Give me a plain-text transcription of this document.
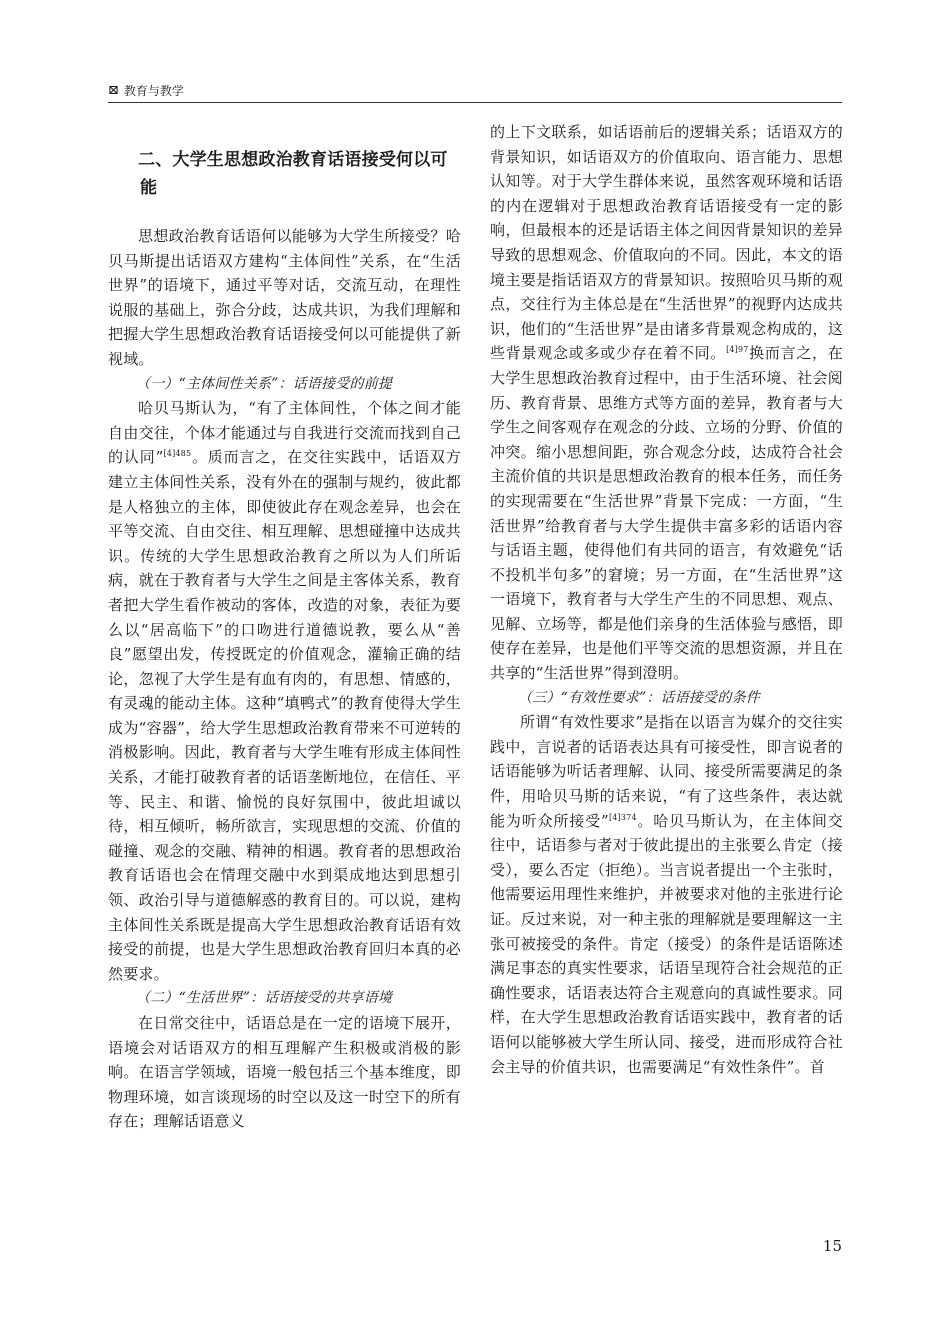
⊠ 教育与教学
二、大学生思想政治教育话语接受何以可能

思想政治教育话语何以能够为大学生所接受？哈贝马斯提出话语双方建构“主体间性”关系，在“生活世界”的语境下，通过平等对话，交流互动，在理性说服的基础上，弥合分歧，达成共识，为我们理解和把握大学生思想政治教育话语接受何以可能提供了新视域。

（一）“主体间性关系”：话语接受的前提

哈贝马斯认为，“有了主体间性，个体之间才能自由交往，个体才能通过与自我进行交流而找到自己的认同”$^{[4]485}$。质而言之，在交往实践中，话语双方建立主体间性关系，没有外在的强制与规约，彼此都是人格独立的主体，即使彼此存在观念差异，也会在平等交流、自由交往、相互理解、思想碰撞中达成共识。传统的大学生思想政治教育之所以为人们所诟病，就在于教育者与大学生之间是主客体关系，教育者把大学生看作被动的客体，改造的对象，表征为要么以“居高临下”的口吻进行道德说教，要么从“善良”愿望出发，传授既定的价值观念，灌输正确的结论，忽视了大学生是有血有肉的，有思想、情感的，有灵魂的能动主体。这种“填鸭式”的教育使得大学生成为“容器”，给大学生思想政治教育带来不可逆转的消极影响。因此，教育者与大学生唯有形成主体间性关系，才能打破教育者的话语垄断地位，在信任、平等、民主、和谐、愉悦的良好氛围中，彼此坦诚以待，相互倾听，畅所欲言，实现思想的交流、价值的碰撞、观念的交融、精神的相遇。教育者的思想政治教育话语也会在情理交融中水到渠成地达到思想引领、政治引导与道德解惑的教育目的。可以说，建构主体间性关系既是提高大学生思想政治教育话语有效接受的前提，也是大学生思想政治教育回归本真的必然要求。

（二）“生活世界”：话语接受的共享语境

在日常交往中，话语总是在一定的语境下展开，语境会对话语双方的相互理解产生积极或消极的影响。在语言学领域，语境一般包括三个基本维度，即物理环境，如言谈现场的时空以及这一时空下的所有存在；理解话语意义

的上下文联系，如话语前后的逻辑关系；话语双方的背景知识，如话语双方的价值取向、语言能力、思想认知等。对于大学生群体来说，虽然客观环境和话语的内在逻辑对于思想政治教育话语接受有一定的影响，但最根本的还是话语主体之间因背景知识的差异导致的思想观念、价值取向的不同。因此，本文的语境主要是指话语双方的背景知识。按照哈贝马斯的观点，交往行为主体总是在“生活世界”的视野内达成共识，他们的“生活世界”是由诸多背景观念构成的，这些背景观念或多或少存在着不同。$^{[4]97}$换而言之，在大学生思想政治教育过程中，由于生活环境、社会阅历、教育背景、思维方式等方面的差异，教育者与大学生之间客观存在观念的分歧、立场的分野、价值的冲突。缩小思想间距，弥合观念分歧，达成符合社会主流价值的共识是思想政治教育的根本任务，而任务的实现需要在“生活世界”背景下完成：一方面，“生活世界”给教育者与大学生提供丰富多彩的话语内容与话语主题，使得他们有共同的语言，有效避免“话不投机半句多”的窘境；另一方面，在“生活世界”这一语境下，教育者与大学生产生的不同思想、观点、见解、立场等，都是他们亲身的生活体验与感悟，即使存在差异，也是他们平等交流的思想资源，并且在共享的“生活世界”得到澄明。

（三）“有效性要求”：话语接受的条件

所谓“有效性要求”是指在以语言为媒介的交往实践中，言说者的话语表达具有可接受性，即言说者的话语能够为听话者理解、认同、接受所需要满足的条件，用哈贝马斯的话来说，“有了这些条件，表达就能为听众所接受”$^{[4]374}$。哈贝马斯认为，在主体间交往中，话语参与者对于彼此提出的主张要么肯定（接受），要么否定（拒绝）。当言说者提出一个主张时，他需要运用理性来维护，并被要求对他的主张进行论证。反过来说，对一种主张的理解就是要理解这一主张可被接受的条件。肯定（接受）的条件是话语陈述满足事态的真实性要求，话语呈现符合社会规范的正确性要求，话语表达符合主观意向的真诚性要求。同样，在大学生思想政治教育话语实践中，教育者的话语何以能够被大学生所认同、接受，进而形成符合社会主导的价值共识，也需要满足“有效性条件”。首

15
